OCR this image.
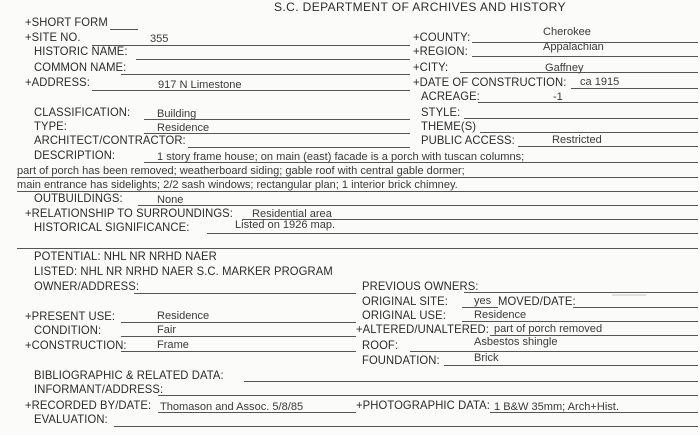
S.C. DEPARTMENT OF ARCHIVES AND HISTORY
+SHORT FORM
+SITE NO.	355
HISTORIC NAME:
COMMON NAME:
+ADDRESS:	917 N Limestone
+COUNTY:	Cherokee
+REGION:	Appalachian
+CITY:	Gaffney
+DATE OF CONSTRUCTION: ca 1915
ACREAGE:	-1
CLASSIFICATION: Building	STYLE:
TYPE:	Residence	THEME(S)
ARCHITECT/CONTRACTOR:	PUBLIC ACCESS:	Restricted
DESCRIPTION:	1 story frame house; on main (east) facade is a porch with tuscan columns;
part of porch has been removed; weatherboard siding; gable roof with central gable dormer;
main entrance has sidelights; 2/2 sash windows; rectangular plan; 1 interior brick chimney.
OUTBUILDINGS:	None
+RELATIONSHIP TO SURROUNDINGS: Residential area
HISTORICAL SIGNIFICANCE:	Listed on 1926 map.
POTENTIAL: NHL NR NRHD NAER
LISTED: NHL NR NRHD NAER S.C. MARKER PROGRAM
OWNER/ADDRESS:	PREVIOUS OWNERS:
ORIGINAL SITE: yes MOVED/DATE:
ORIGINAL USE: Residence
+PRESENT USE:	Residence
CONDITION:	Fair	+ALTERED/UNALTERED: part of porch removed
+CONSTRUCTION:	Frame	ROOF:	Asbestos shingle
FOUNDATION:	Brick
BIBLIOGRAPHIC & RELATED DATA:
INFORMANT/ADDRESS:
+RECORDED BY/DATE: Thomason and Assoc. 5/8/85	+PHOTOGRAPHIC DATA: 1 B&W 35mm; Arch+Hist.
EVALUATION:
